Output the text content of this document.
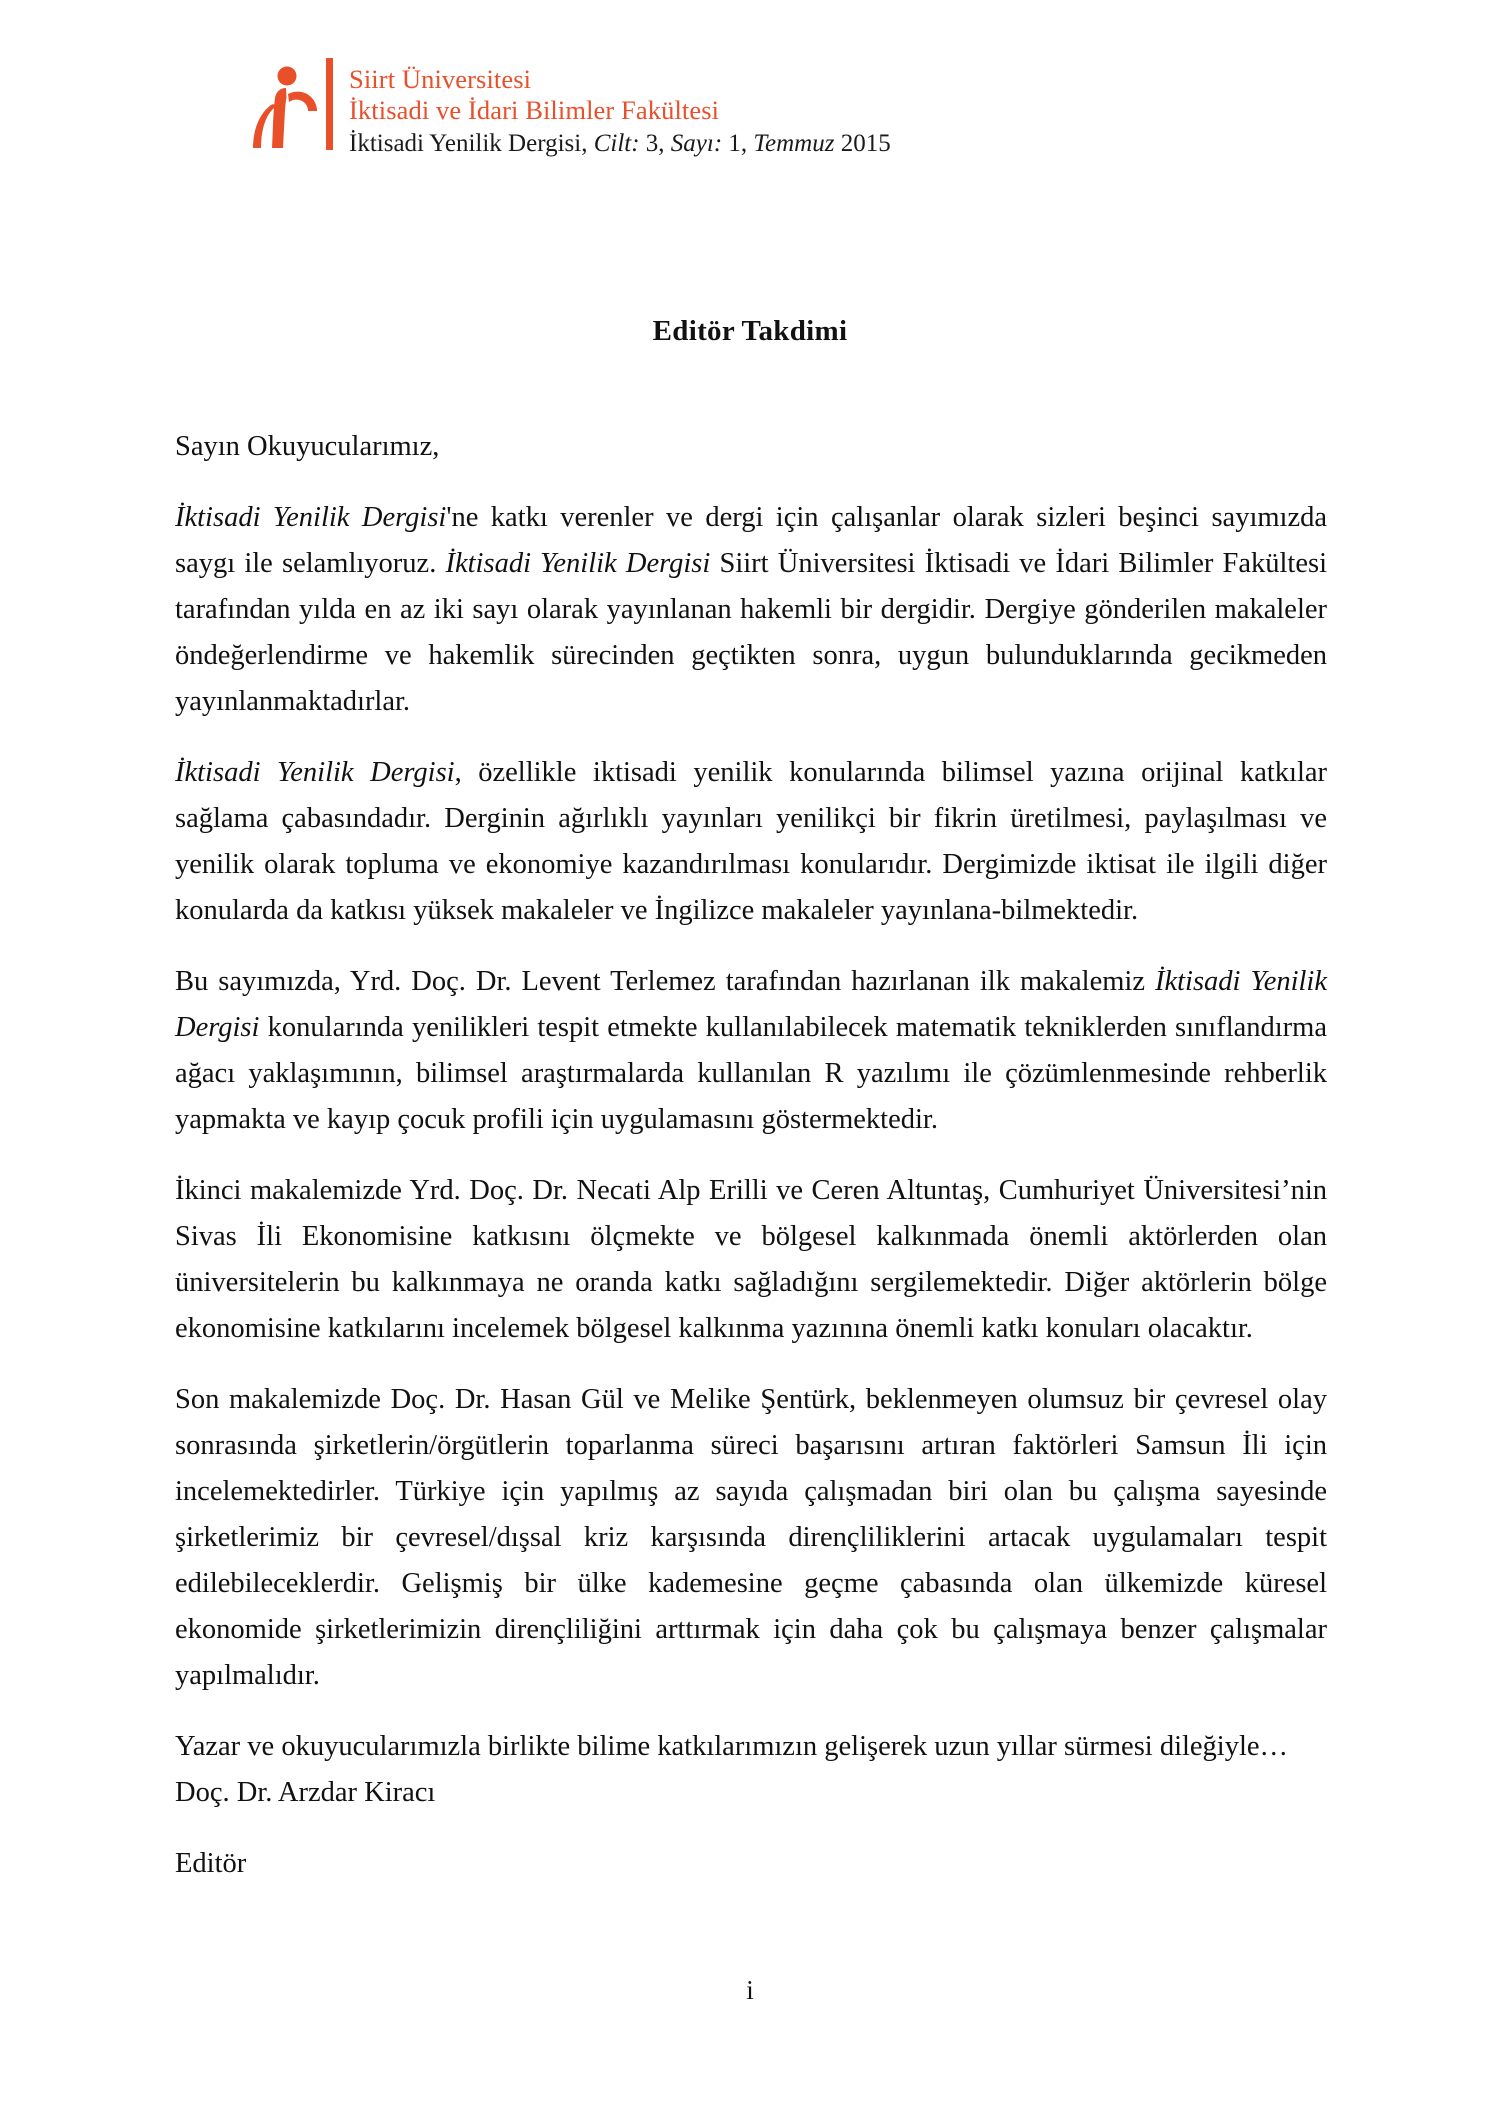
Siirt Üniversitesi
İktisadi ve İdari Bilimler Fakültesi
İktisadi Yenilik Dergisi, Cilt: 3, Sayı: 1, Temmuz 2015
Editör Takdimi

Sayın Okuyucularımız,

İktisadi Yenilik Dergisi'ne katkı verenler ve dergi için çalışanlar olarak sizleri beşinci sayımızda saygı ile selamlıyoruz. İktisadi Yenilik Dergisi Siirt Üniversitesi İktisadi ve İdari Bilimler Fakültesi tarafından yılda en az iki sayı olarak yayınlanan hakemli bir dergidir. Dergiye gönderilen makaleler öndeğerlendirme ve hakemlik sürecinden geçtikten sonra, uygun bulunduklarında gecikmeden yayınlanmaktadırlar.

İktisadi Yenilik Dergisi, özellikle iktisadi yenilik konularında bilimsel yazına orijinal katkılar sağlama çabasındadır. Derginin ağırlıklı yayınları yenilikçi bir fikrin üretilmesi, paylaşılması ve yenilik olarak topluma ve ekonomiye kazandırılması konularıdır. Dergimizde iktisat ile ilgili diğer konularda da katkısı yüksek makaleler ve İngilizce makaleler yayınlana-bilmektedir.

Bu sayımızda, Yrd. Doç. Dr. Levent Terlemez tarafından hazırlanan ilk makalemiz İktisadi Yenilik Dergisi konularında yenilikleri tespit etmekte kullanılabilecek matematik tekniklerden sınıflandırma ağacı yaklaşımının, bilimsel araştırmalarda kullanılan R yazılımı ile çözümlenmesinde rehberlik yapmakta ve kayıp çocuk profili için uygulamasını göstermektedir.

İkinci makalemizde Yrd. Doç. Dr. Necati Alp Erilli ve Ceren Altuntaş, Cumhuriyet Üniversitesi’nin Sivas İli Ekonomisine katkısını ölçmekte ve bölgesel kalkınmada önemli aktörlerden olan üniversitelerin bu kalkınmaya ne oranda katkı sağladığını sergilemektedir. Diğer aktörlerin bölge ekonomisine katkılarını incelemek bölgesel kalkınma yazınına önemli katkı konuları olacaktır.

Son makalemizde Doç. Dr. Hasan Gül ve Melike Şentürk, beklenmeyen olumsuz bir çevresel olay sonrasında şirketlerin/örgütlerin toparlanma süreci başarısını artıran faktörleri Samsun İli için incelemektedirler. Türkiye için yapılmış az sayıda çalışmadan biri olan bu çalışma sayesinde şirketlerimiz bir çevresel/dışsal kriz karşısında dirençliliklerini artacak uygulamaları tespit edilebileceklerdir. Gelişmiş bir ülke kademesine geçme çabasında olan ülkemizde küresel ekonomide şirketlerimizin dirençliliğini arttırmak için daha çok bu çalışmaya benzer çalışmalar yapılmalıdır.

Yazar ve okuyucularımızla birlikte bilime katkılarımızın gelişerek uzun yıllar sürmesi dileğiyle…

Doç. Dr. Arzdar Kiracı

Editör

i
